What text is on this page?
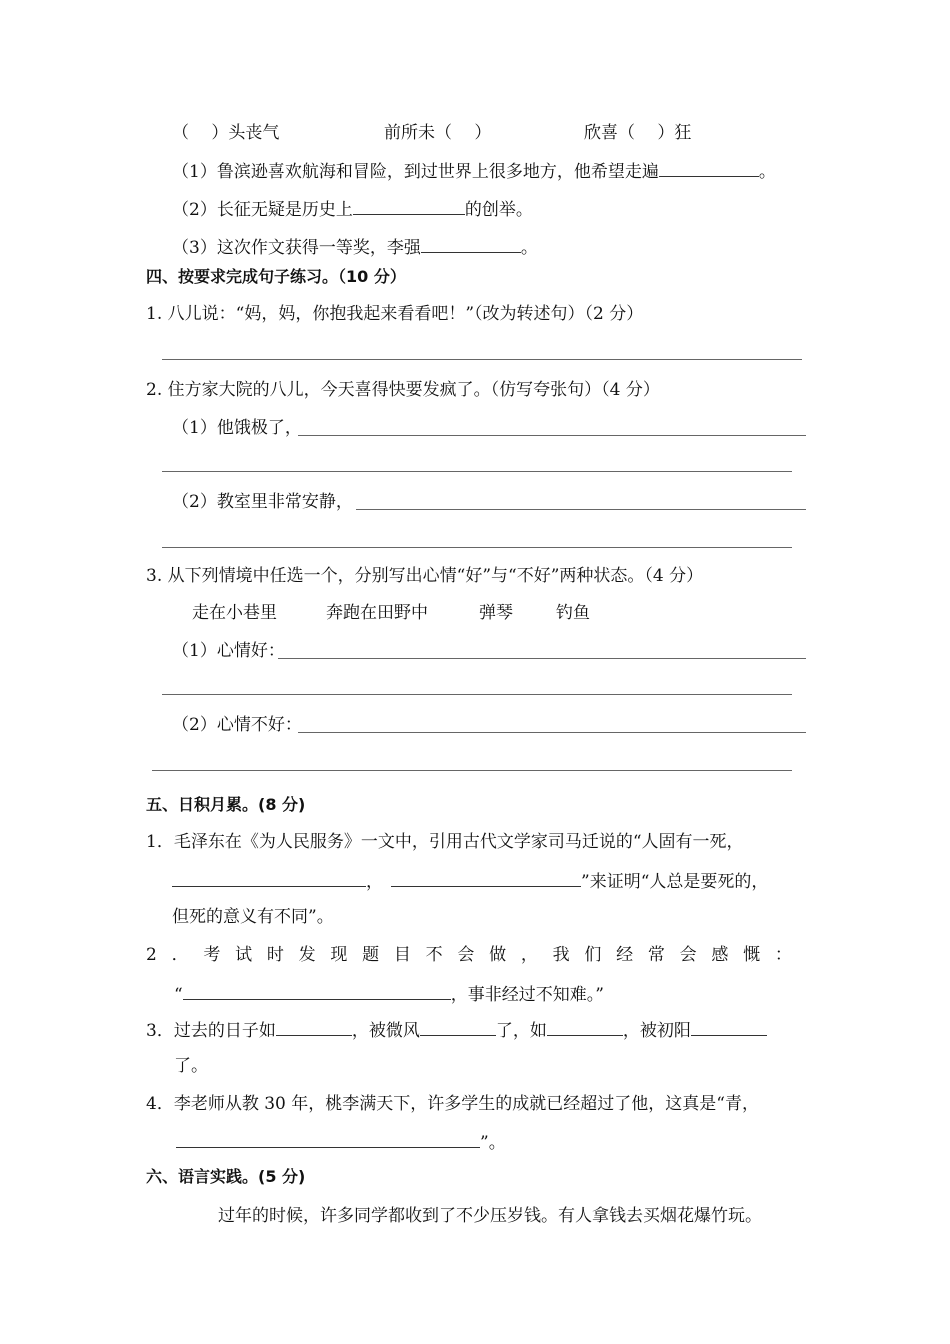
（　 ）头丧气	前所未（　 ）	欣喜（　 ）狂
（1）鲁滨逊喜欢航海和冒险，到过世界上很多地方，他希望走遍	。
（2）长征无疑是历史上	的创举。
（3）这次作文获得一等奖，李强	。
四、按要求完成句子练习。（10 分）
1. 八儿说：“妈，妈，你抱我起来看看吧！”（改为转述句）（2 分）
2. 住方家大院的八儿，今天喜得快要发疯了。（仿写夸张句）（4 分）
（1）他饿极了，
（2）教室里非常安静，
3. 从下列情境中任选一个，分别写出心情“好”与“不好”两种状态。（4 分）
走在小巷里	奔跑在田野中	弹琴	钓鱼
（1）心情好：
（2）心情不好：
五、日积月累。(8 分)
1．毛泽东在《为人民服务》一文中，引用古代文学家司马迁说的“人固有一死，
，	”来证明“人总是要死的，
但死的意义有不同”。
2 ． 考 试 时 发 现 题 目 不 会 做 ， 我 们 经 常 会 感 慨 ：
“	，事非经过不知难。”
3．过去的日子如	，被微风	了，如	，被初阳
了。
4．李老师从教 30 年，桃李满天下，许多学生的成就已经超过了他，这真是“青，
”。
六、语言实践。(5 分)
过年的时候，许多同学都收到了不少压岁钱。有人拿钱去买烟花爆竹玩。
